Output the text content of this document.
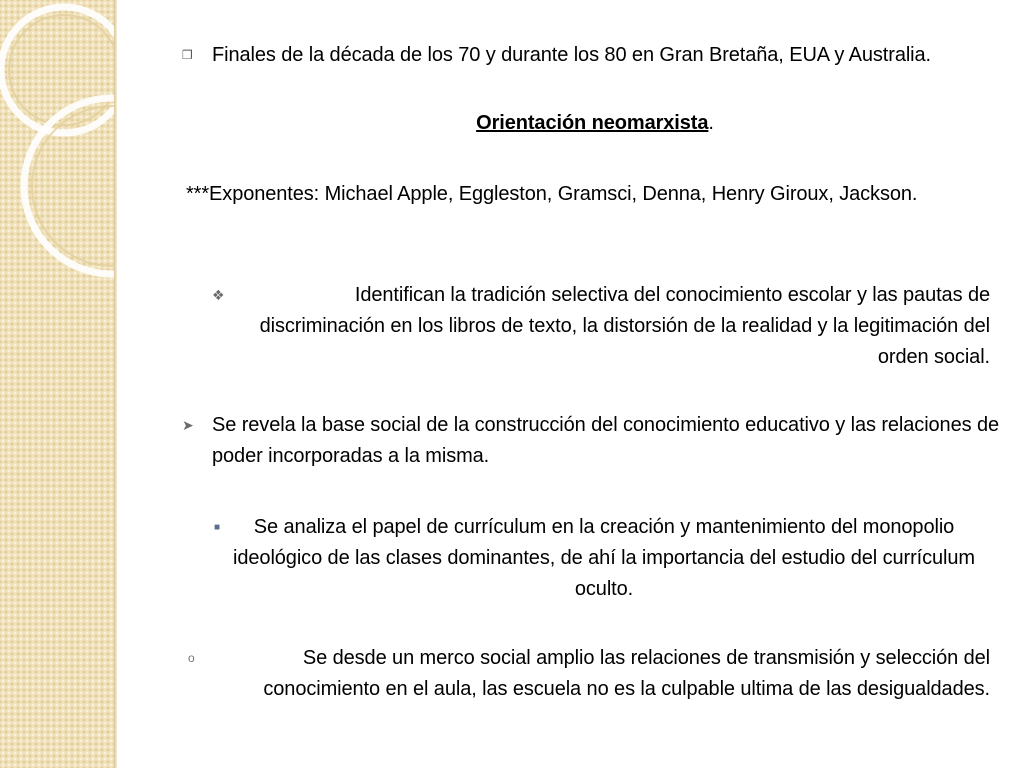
❒ Finales de la década de los 70 y durante los 80 en Gran Bretaña, EUA y Australia.
Orientación neomarxista.
***Exponentes: Michael Apple, Eggleston, Gramsci, Denna, Henry Giroux, Jackson.
❖	Identifican la tradición selectiva del conocimiento escolar y las pautas de discriminación en los libros de texto, la distorsión de la realidad y la legitimación del orden social.
➤ Se revela la base social de la construcción del conocimiento educativo y las relaciones de poder incorporadas a la misma.
■ Se analiza el papel de currículum en la creación y mantenimiento del monopolio ideológico de las clases dominantes, de ahí la importancia del estudio del currículum oculto.
o	Se desde un merco social amplio las relaciones de transmisión y selección del conocimiento en el aula, las escuela no es la culpable ultima de las desigualdades.
